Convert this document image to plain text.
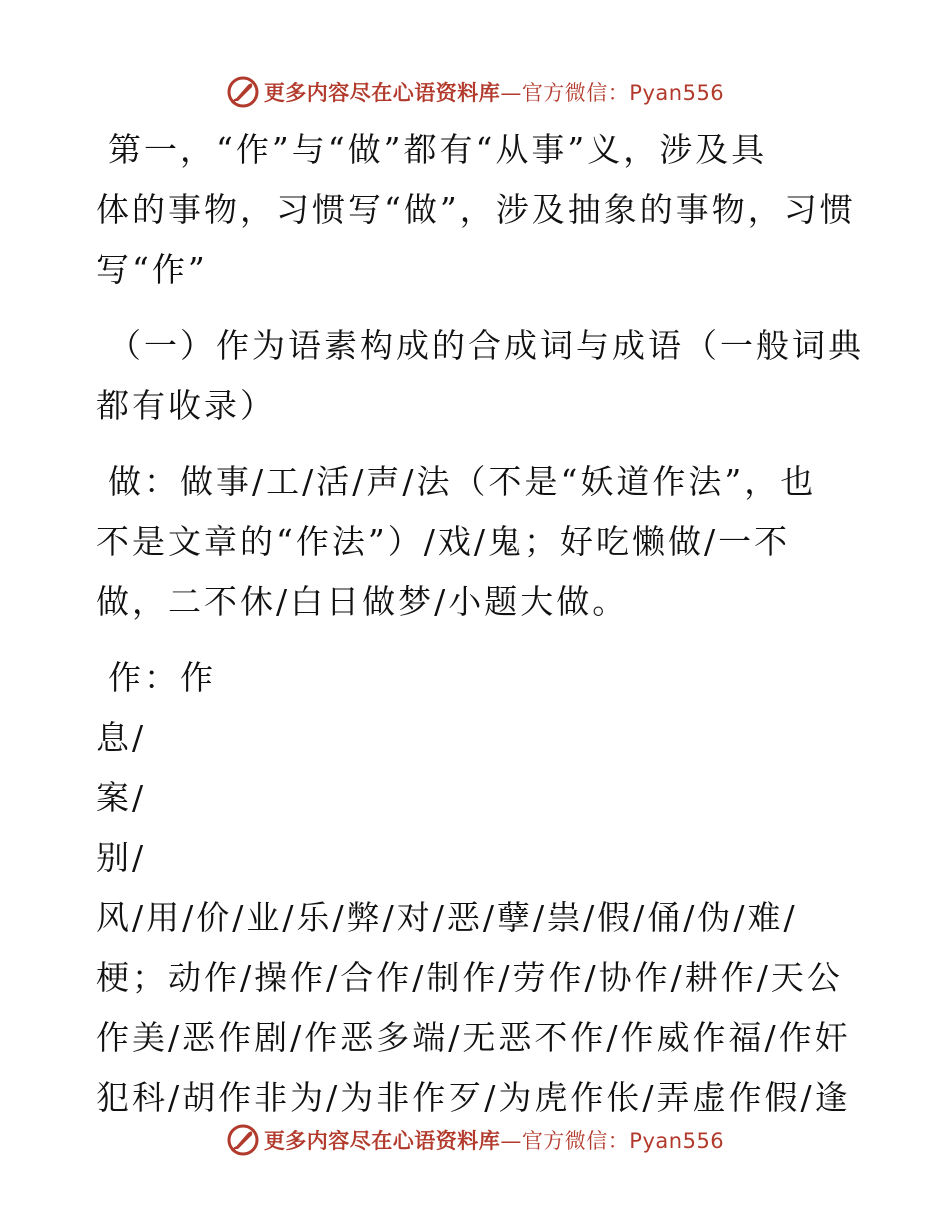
更多内容尽在心语资料库 —官方微信：Pyan556

第一，“作”与“做”都有“从事”义，涉及具

体的事物，习惯写“做”，涉及抽象的事物，习惯

写“作”

（一）作为语素构成的合成词与成语（一般词典

都有收录）

做：做事/工/活/声/法（不是“妖道作法”，也

不是文章的“作法”）/戏/鬼；好吃懒做/一不

做，二不休/白日做梦/小题大做。

作：作

息/

案/

别/

风/用/价/业/乐/弊/对/恶/孽/祟/假/俑/伪/难/

梗；动作/操作/合作/制作/劳作/协作/耕作/天公

作美/恶作剧/作恶多端/无恶不作/作威作福/作奸

犯科/胡作非为/为非作歹/为虎作伥/弄虚作假/逢

更多内容尽在心语资料库 —官方微信：Pyan556
